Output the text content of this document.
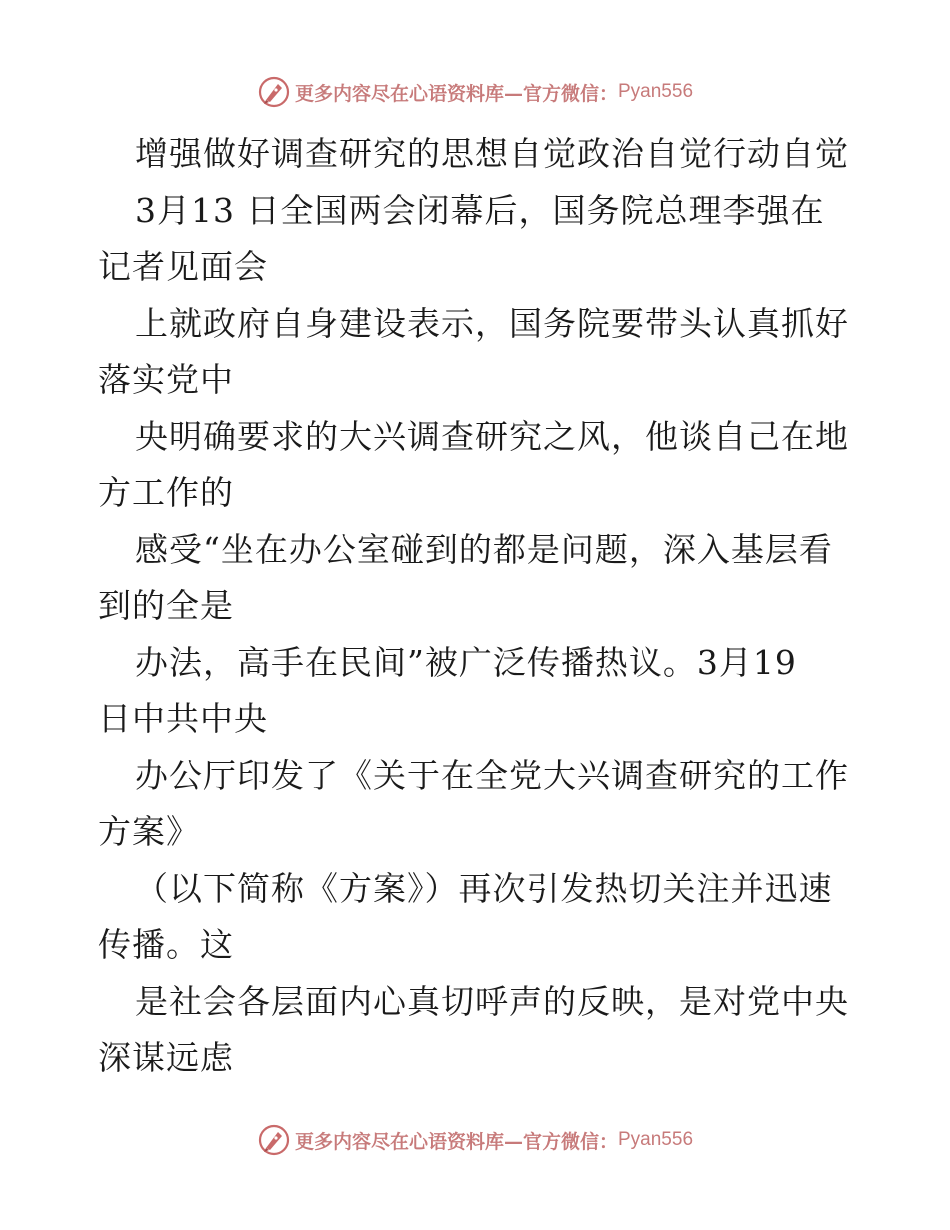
更多内容尽在心语资料库—官方微信： Pyan556
增强做好调查研究的思想自觉政治自觉行动自觉
3月13 日全国两会闭幕后，国务院总理李强在
记者见面会
上就政府自身建设表示，国务院要带头认真抓好
落实党中
央明确要求的大兴调查研究之风，他谈自己在地
方工作的
感受“坐在办公室碰到的都是问题，深入基层看
到的全是
办法，高手在民间”被广泛传播热议。3月19
日中共中央
办公厅印发了《关于在全党大兴调查研究的工作
方案》
（以下简称《方案》）再次引发热切关注并迅速
传播。这
是社会各层面内心真切呼声的反映，是对党中央
深谋远虑
更多内容尽在心语资料库—官方微信： Pyan556
